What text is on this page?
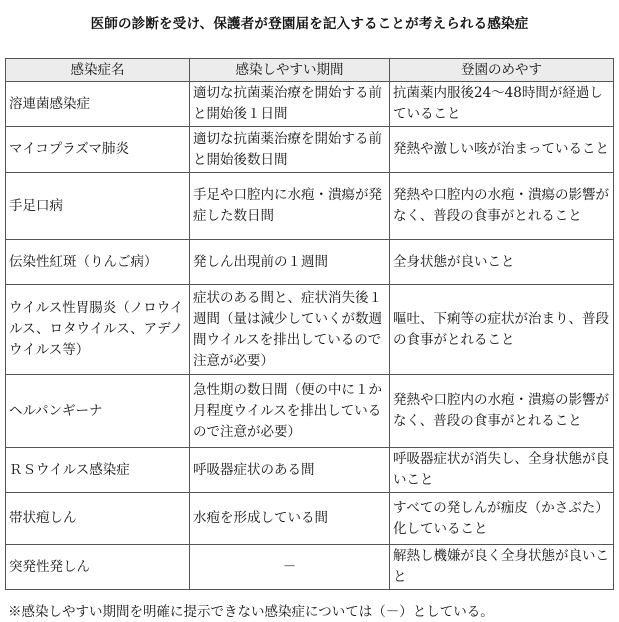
医師の診断を受け、保護者が登園届を記入することが考えられる感染症
感染症名	感染しやすい期間	登園のめやす
溶連菌感染症	適切な抗菌薬治療を開始する前と開始後１日間	抗菌薬内服後24～48時間が経過していること
マイコプラズマ肺炎	適切な抗菌薬治療を開始する前と開始後数日間	発熱や激しい咳が治まっていること
手足口病	手足や口腔内に水疱・潰瘍が発症した数日間	発熱や口腔内の水疱・潰瘍の影響がなく、普段の食事がとれること
伝染性紅斑（りんご病）	発しん出現前の１週間	全身状態が良いこと
ウイルス性胃腸炎（ノロウイルス、ロタウイルス、アデノウイルス等）	症状のある間と、症状消失後１週間（量は減少していくが数週間ウイルスを排出しているので注意が必要）	嘔吐、下痢等の症状が治まり、普段の食事がとれること
ヘルパンギーナ	急性期の数日間（便の中に１か月程度ウイルスを排出しているので注意が必要）	発熱や口腔内の水疱・潰瘍の影響がなく、普段の食事がとれること
ＲＳウイルス感染症	呼吸器症状のある間	呼吸器症状が消失し、全身状態が良いこと
帯状疱しん	水疱を形成している間	すべての発しんが痂皮（かさぶた）化していること
突発性発しん	－	解熱し機嫌が良く全身状態が良いこと
※感染しやすい期間を明確に提示できない感染症については（－）としている。
